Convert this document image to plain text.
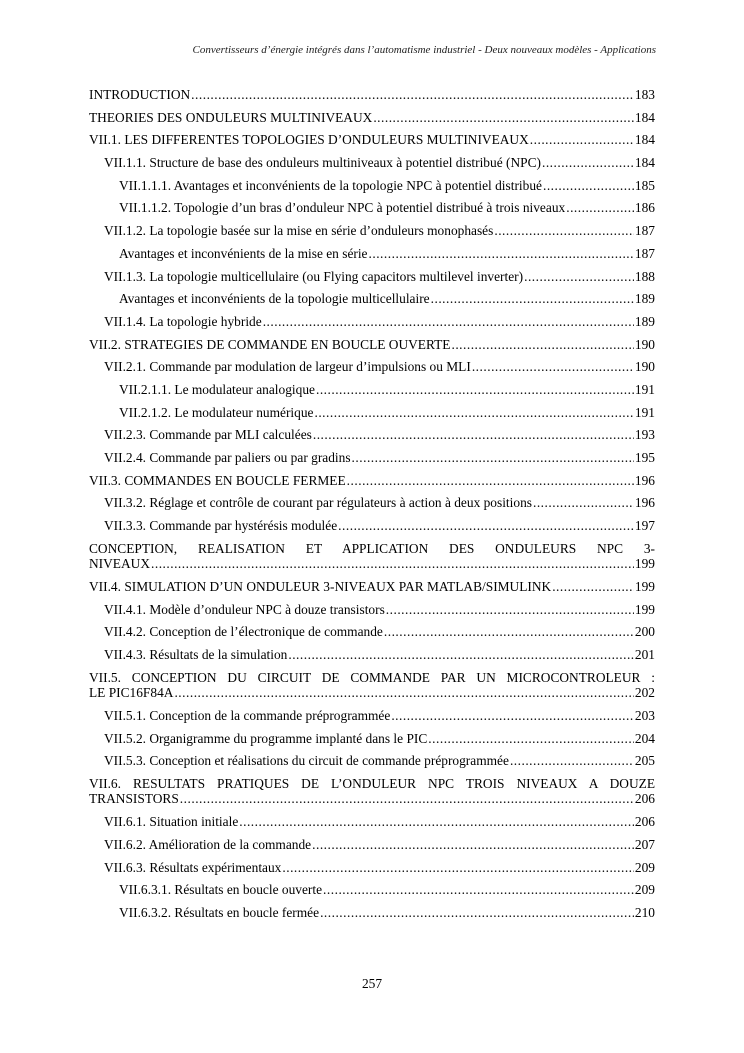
Convertisseurs d’énergie intégrés dans l’automatisme industriel - Deux nouveaux modèles - Applications
INTRODUCTION .....	183
THEORIES DES ONDULEURS MULTINIVEAUX .....	184
VII.1. LES DIFFERENTES TOPOLOGIES D’ONDULEURS MULTINIVEAUX .....	184
VII.1.1. Structure de base des onduleurs multiniveaux à potentiel distribué (NPC) .....	184
VII.1.1.1. Avantages et inconvénients de la topologie NPC à potentiel distribué .....	185
VII.1.1.2. Topologie d’un bras d’onduleur NPC à potentiel distribué à trois niveaux .....	186
VII.1.2. La topologie basée sur la mise en série d’onduleurs monophasés .....	187
Avantages et inconvénients de la mise en série .....	187
VII.1.3. La topologie multicellulaire (ou Flying capacitors multilevel inverter) .....	188
Avantages et inconvénients de la topologie multicellulaire .....	189
VII.1.4. La topologie hybride .....	189
VII.2. STRATEGIES DE COMMANDE EN BOUCLE OUVERTE .....	190
VII.2.1. Commande par modulation de largeur d’impulsions ou MLI .....	190
VII.2.1.1. Le modulateur analogique .....	191
VII.2.1.2. Le modulateur numérique .....	191
VII.2.3. Commande par MLI calculées .....	193
VII.2.4. Commande par paliers ou par gradins .....	195
VII.3. COMMANDES EN BOUCLE FERMEE .....	196
VII.3.2. Réglage et contrôle de courant par régulateurs à action à deux positions .....	196
VII.3.3. Commande par hystérésis modulée .....	197
CONCEPTION, REALISATION ET APPLICATION DES ONDULEURS NPC 3-
NIVEAUX .....	199
VII.4. SIMULATION D’UN ONDULEUR 3-NIVEAUX PAR MATLAB/SIMULINK .....	199
VII.4.1. Modèle d’onduleur NPC à douze transistors .....	199
VII.4.2. Conception de l’électronique de commande .....	200
VII.4.3. Résultats de la simulation .....	201
VII.5. CONCEPTION DU CIRCUIT DE COMMANDE PAR UN MICROCONTROLEUR :
LE PIC16F84A .....	202
VII.5.1. Conception de la commande préprogrammée .....	203
VII.5.2. Organigramme du programme implanté dans le PIC .....	204
VII.5.3. Conception et réalisations du circuit de commande préprogrammée .....	205
VII.6. RESULTATS PRATIQUES DE L’ONDULEUR NPC TROIS NIVEAUX A DOUZE
TRANSISTORS .....	206
VII.6.1. Situation initiale .....	206
VII.6.2. Amélioration de la commande .....	207
VII.6.3. Résultats expérimentaux .....	209
VII.6.3.1. Résultats en boucle ouverte .....	209
VII.6.3.2. Résultats en boucle fermée .....	210
257
